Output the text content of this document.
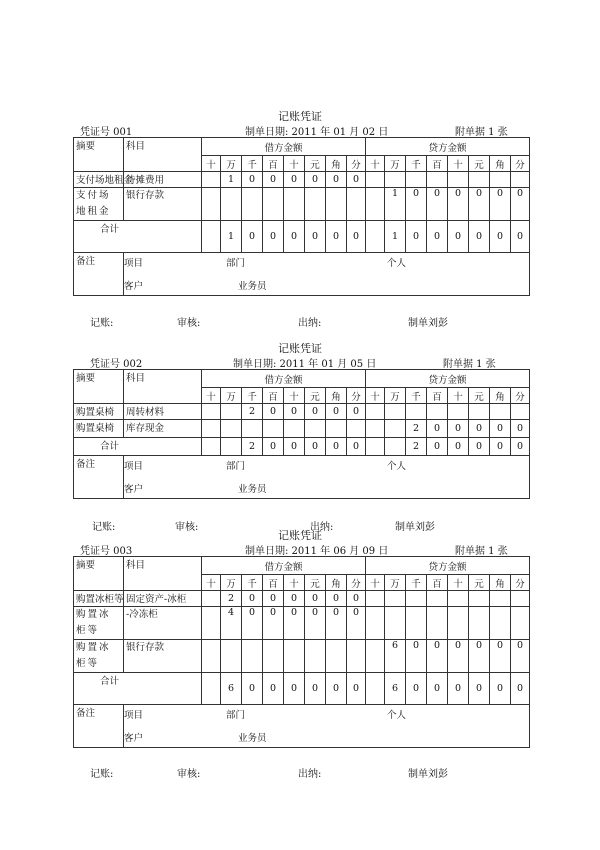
记账凭证
凭证号 001	制单日期: 2011 年 01 月 02 日	附单据 1 张
摘要	科目	借方金额								贷方金额							
		十	万	千	百	十	元	角	分	十	万	千	百	十	元	角	分
支付场地租金	待摊费用		1	0	0	0	0	0	0								
支付场地租金	银行存款										1	0	0	0	0	0	0
合计			1	0	0	0	0	0	0		1	0	0	0	0	0	0
备注	项目 部门 个人
客户 业务员																

记账:	审核:	出纳:	制单刘彭
记账凭证
凭证号 002	制单日期: 2011 年 01 月 05 日	附单据 1 张
摘要	科目	借方金额								贷方金额							
		十	万	千	百	十	元	角	分	十	万	千	百	十	元	角	分
购置桌椅	周转材料			2	0	0	0	0	0								
购置桌椅	库存现金											2	0	0	0	0	0
合计				2	0	0	0	0	0			2	0	0	0	0	0
备注	项目 部门 个人
客户 业务员																

记账:	审核:	出纳:	制单刘彭
记账凭证
凭证号 003	制单日期: 2011 年 06 月 09 日	附单据 1 张
摘要	科目	借方金额								贷方金额							
		十	万	千	百	十	元	角	分	十	万	千	百	十	元	角	分
购置冰柜等	固定资产-冰柜		2	0	0	0	0	0	0								
购置冰柜等	-冷冻柜		4	0	0	0	0	0	0								
购置冰柜等	银行存款										6	0	0	0	0	0	0
合计			6	0	0	0	0	0	0		6	0	0	0	0	0	0
备注	项目 部门 个人
客户 业务员																

记账:	审核:	出纳:	制单刘彭
